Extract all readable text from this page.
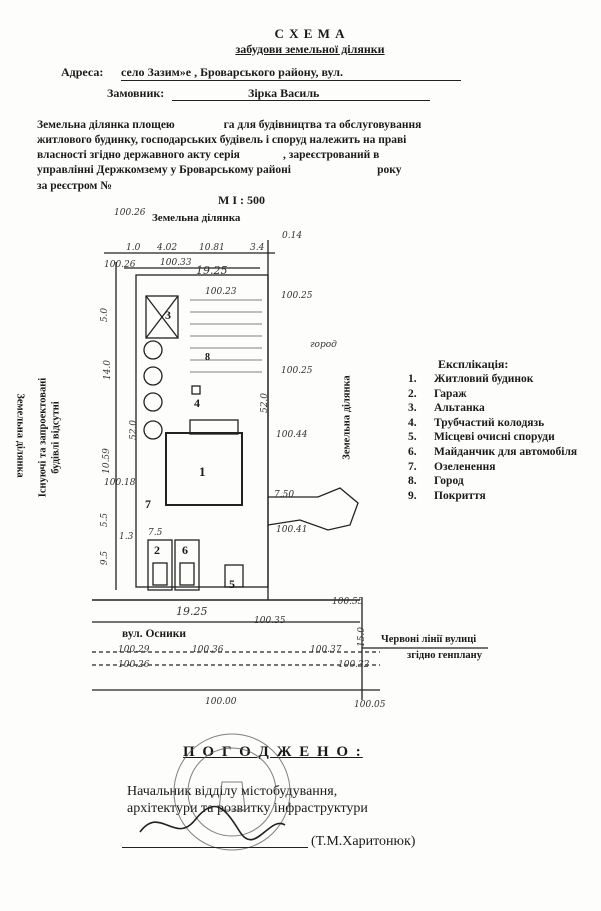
С Х Е М А
забудови земельної ділянки
Адреса: село Зазим»е , Броварського району, вул.
Замовник:	Зірка Василь
Земельна ділянка площею                 га для будівництва та обслуговування
житлового будинку, господарських будівель і споруд належить на праві
власності згідно державного акту серія               , зареєстрований в
управлінні Держкомзему у Броварському районі                              року
за реєстром №
М І : 500
1
2
3
4
5
6
7
8
Земельна ділянка
город
вул. Осники	Червоні лінії вулиці
згідно генплану
Земельна ділянка Існуючі та запроектовані будівлі відсутні	Земельна ділянка
100.26
100.26	100.33
100.23	100.25
100.25
100.44
100.18
100.41
100.55
100.35
100.29	100.36	100.37
100.26	100.32
100.00	100.05
0.14
1.0 4.02 10.81	3.4
19.25
52.0
52.0
14.0
5.0
10.59
5.5
9.5
1.3 7.5
19.25
15.0
7.50
Експлікація:
1.	Житловий будинок
2.	Гараж
3.	Альтанка
4.	Трубчастий колодязь
5.	Місцеві очисні споруди
6.	Майданчик для автомобіля
7.	Озеленення
8.	Город
9.	Покриття
П О Г О Д Ж Е Н О :
Начальник відділу містобудування,
архітектури та розвитку інфраструктури
(Т.М.Харитонюк)
